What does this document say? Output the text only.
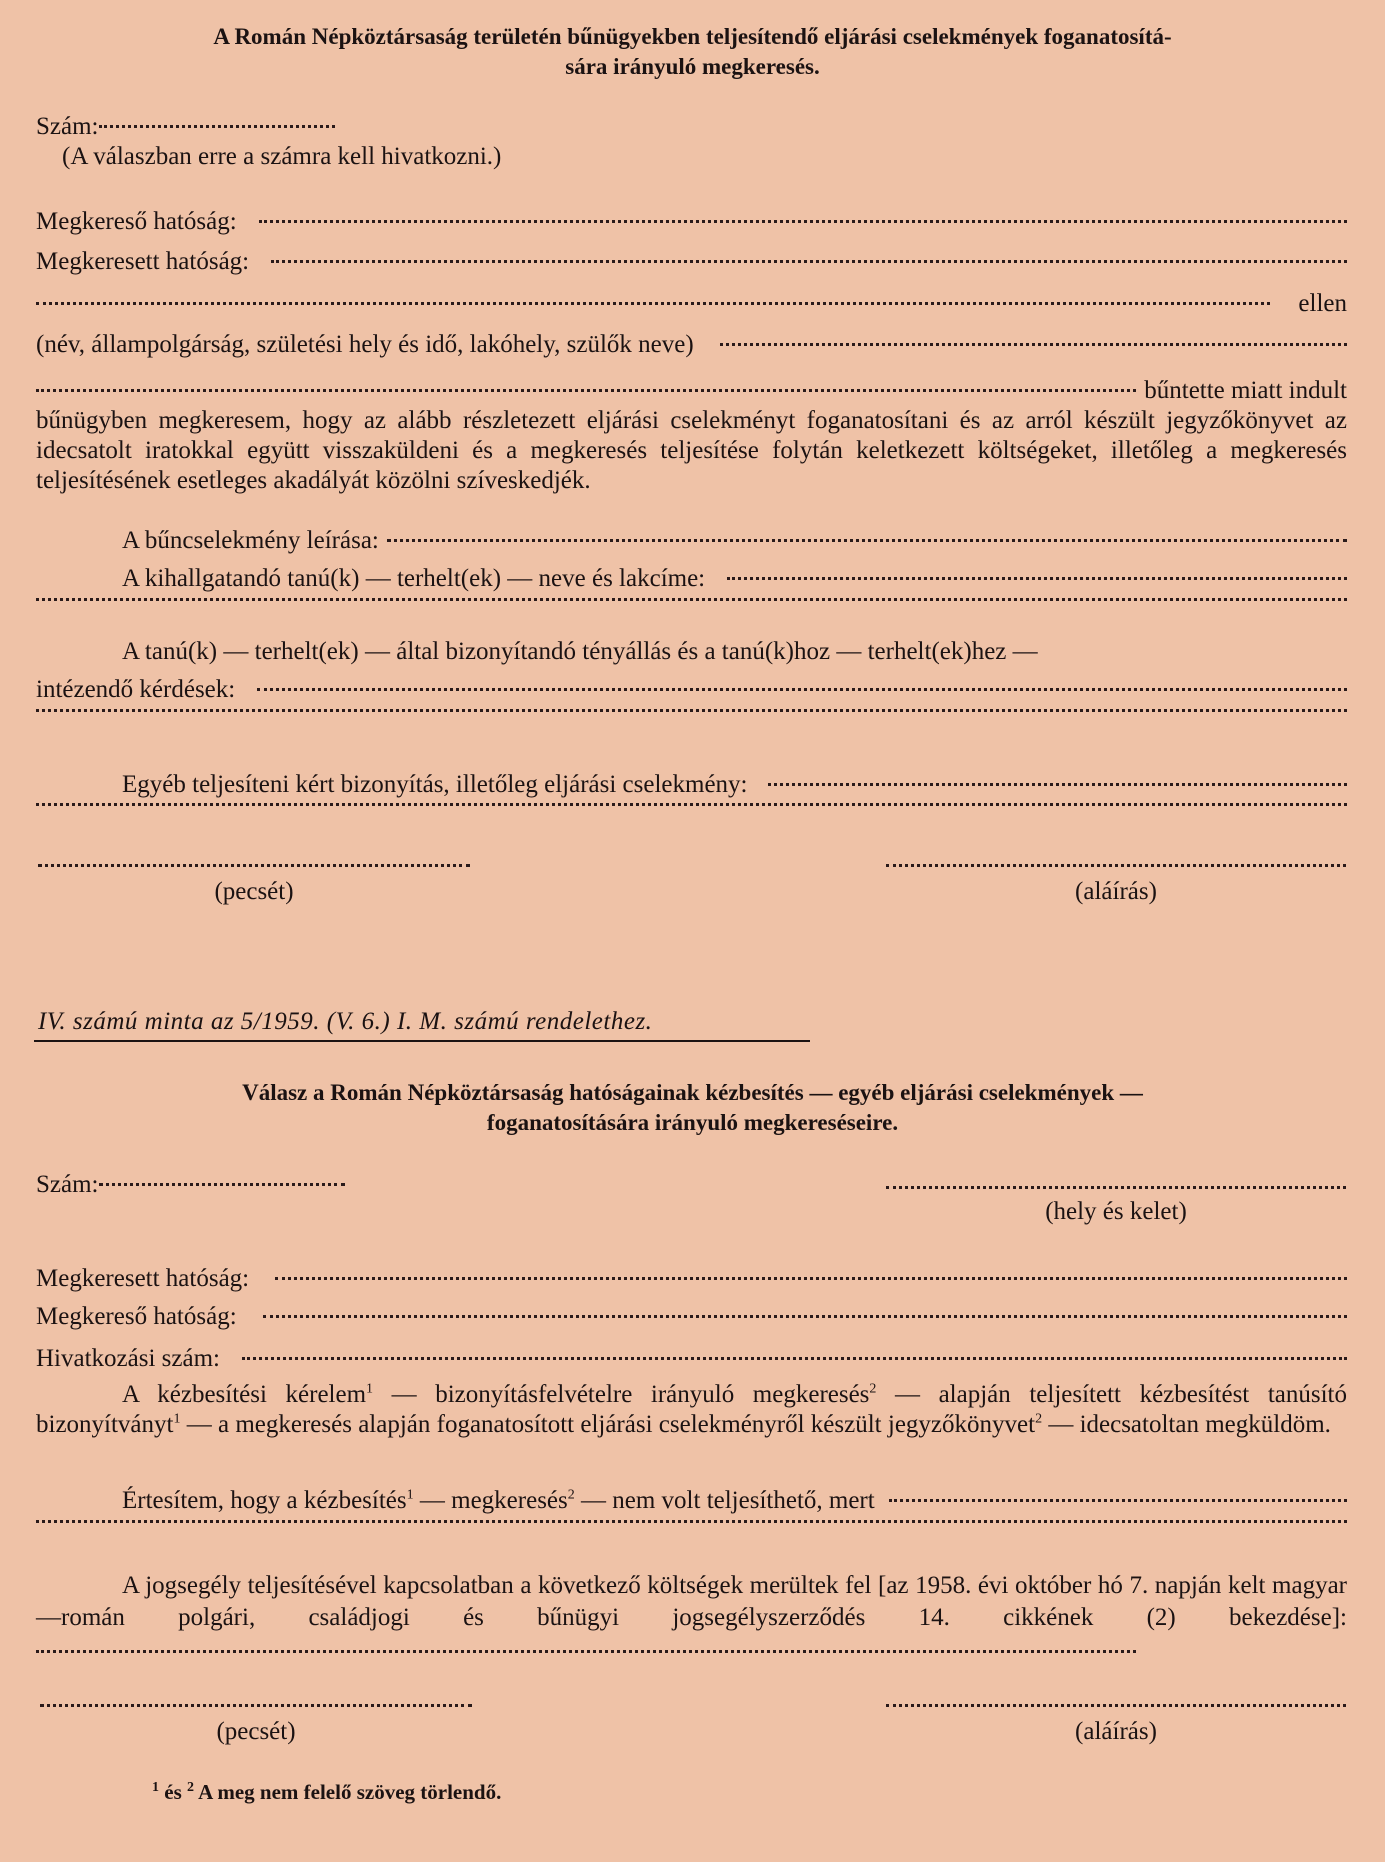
A Román Népköztársaság területén bűnügyekben teljesítendő eljárási cselekmények foganatosítá-
sára irányuló megkeresés.
Szám:
(A válaszban erre a számra kell hivatkozni.)
Megkereső hatóság:
Megkeresett hatóság:
ellen
(név, állampolgárság, születési hely és idő, lakóhely, szülők neve)
bűntette miatt indult
bűnügyben megkeresem, hogy az alább részletezett eljárási cselekményt foganatosítani és az arról készült jegyzőkönyvet az idecsatolt iratokkal együtt visszaküldeni és a megkeresés teljesítése folytán keletkezett költségeket, illetőleg a megkeresés teljesítésének esetleges akadályát közölni szíveskedjék.
A bűncselekmény leírása:
A kihallgatandó tanú(k) — terhelt(ek) — neve és lakcíme:
A tanú(k) — terhelt(ek) — által bizonyítandó tényállás és a tanú(k)hoz — terhelt(ek)hez —
intézendő kérdések:
Egyéb teljesíteni kért bizonyítás, illetőleg eljárási cselekmény:
(pecsét)	(aláírás)
IV. számú minta az 5/1959. (V. 6.) I. M. számú rendelethez.
Válasz a Román Népköztársaság hatóságainak kézbesítés — egyéb eljárási cselekmények —
foganatosítására irányuló megkereséseire.
Szám:
(hely és kelet)
Megkeresett hatóság:
Megkereső hatóság:
Hivatkozási szám:
A kézbesítési kérelem$^1$ — bizonyításfelvételre irányuló megkeresés$^2$ — alapján teljesített kézbesítést tanúsító bizonyítványt$^1$ — a megkeresés alapján foganatosított eljárási cselekményről készült jegyzőkönyvet$^2$ — idecsatoltan megküldöm.
Értesítem, hogy a kézbesítés$^1$ — megkeresés$^2$ — nem volt teljesíthető, mert
A jogsegély teljesítésével kapcsolatban a következő költségek merültek fel [az 1958. évi október hó 7. napján kelt magyar—román polgári, családjogi és bűnügyi jogsegélyszerződés 14. cikkének (2) bekezdése]:
(pecsét)	(aláírás)
$^1$ és $^2$ A meg nem felelő szöveg törlendő.
